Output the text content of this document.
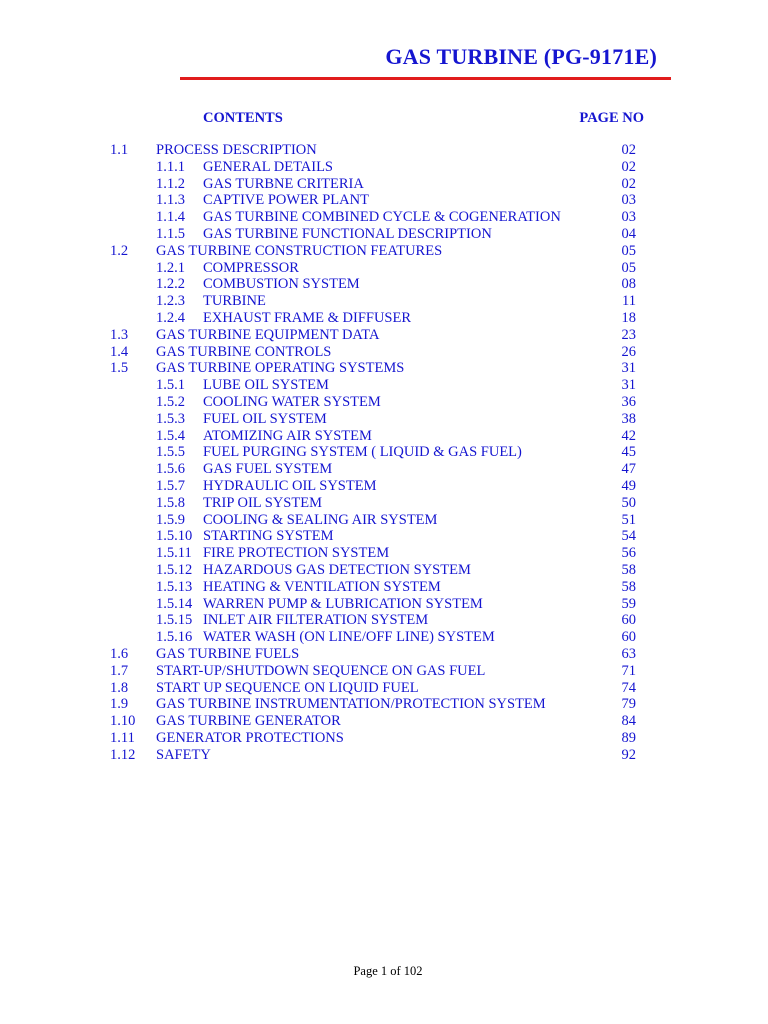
GAS TURBINE (PG-9171E)
CONTENTS	PAGE NO
1.1 PROCESS DESCRIPTION	02
1.1.1 GENERAL DETAILS	02
1.1.2 GAS TURBNE CRITERIA	02
1.1.3 CAPTIVE POWER PLANT	03
1.1.4 GAS TURBINE COMBINED CYCLE & COGENERATION	03
1.1.5 GAS TURBINE FUNCTIONAL DESCRIPTION	04
1.2 GAS TURBINE CONSTRUCTION FEATURES	05
1.2.1 COMPRESSOR	05
1.2.2 COMBUSTION SYSTEM	08
1.2.3 TURBINE	11
1.2.4 EXHAUST FRAME & DIFFUSER	18
1.3 GAS TURBINE EQUIPMENT DATA	23
1.4 GAS TURBINE CONTROLS	26
1.5 GAS TURBINE OPERATING SYSTEMS	31
1.5.1 LUBE OIL SYSTEM	31
1.5.2 COOLING WATER SYSTEM	36
1.5.3 FUEL OIL SYSTEM	38
1.5.4 ATOMIZING AIR SYSTEM	42
1.5.5 FUEL PURGING SYSTEM ( LIQUID & GAS FUEL)	45
1.5.6 GAS FUEL SYSTEM	47
1.5.7 HYDRAULIC OIL SYSTEM	49
1.5.8 TRIP OIL SYSTEM	50
1.5.9 COOLING & SEALING AIR SYSTEM	51
1.5.10 STARTING SYSTEM	54
1.5.11 FIRE PROTECTION SYSTEM	56
1.5.12 HAZARDOUS GAS DETECTION SYSTEM	58
1.5.13 HEATING & VENTILATION SYSTEM	58
1.5.14 WARREN PUMP & LUBRICATION SYSTEM	59
1.5.15 INLET AIR FILTERATION SYSTEM	60
1.5.16 WATER WASH (ON LINE/OFF LINE) SYSTEM	60
1.6 GAS TURBINE FUELS	63
1.7 START-UP/SHUTDOWN SEQUENCE ON GAS FUEL	71
1.8 START UP SEQUENCE ON LIQUID FUEL	74
1.9 GAS TURBINE INSTRUMENTATION/PROTECTION SYSTEM	79
1.10 GAS TURBINE GENERATOR	84
1.11 GENERATOR PROTECTIONS	89
1.12 SAFETY	92
Page 1 of 102
